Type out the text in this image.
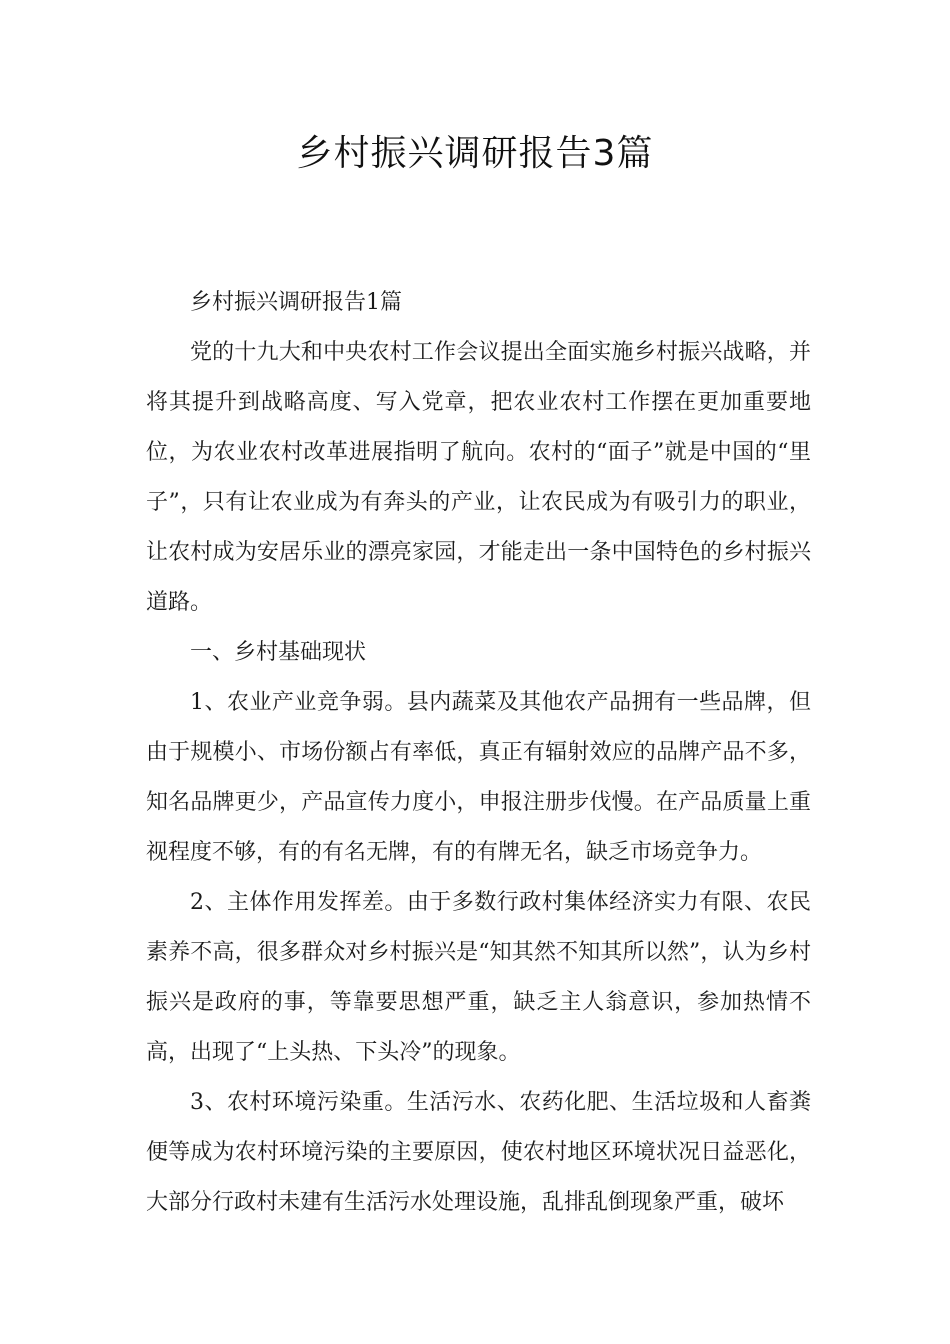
乡村振兴调研报告3篇

乡村振兴调研报告1篇

党的十九大和中央农村工作会议提出全面实施乡村振兴战略，并将其提升到战略高度、写入党章，把农业农村工作摆在更加重要地位，为农业农村改革进展指明了航向。农村的“面子”就是中国的“里子”，只有让农业成为有奔头的产业，让农民成为有吸引力的职业，让农村成为安居乐业的漂亮家园，才能走出一条中国特色的乡村振兴道路。

一、乡村基础现状

1、农业产业竞争弱。县内蔬菜及其他农产品拥有一些品牌，但由于规模小、市场份额占有率低，真正有辐射效应的品牌产品不多，知名品牌更少，产品宣传力度小，申报注册步伐慢。在产品质量上重视程度不够，有的有名无牌，有的有牌无名，缺乏市场竞争力。

2、主体作用发挥差。由于多数行政村集体经济实力有限、农民素养不高，很多群众对乡村振兴是“知其然不知其所以然”，认为乡村振兴是政府的事，等靠要思想严重，缺乏主人翁意识，参加热情不高，出现了“上头热、下头冷”的现象。

3、农村环境污染重。生活污水、农药化肥、生活垃圾和人畜粪便等成为农村环境污染的主要原因，使农村地区环境状况日益恶化，大部分行政村未建有生活污水处理设施，乱排乱倒现象严重，破坏
